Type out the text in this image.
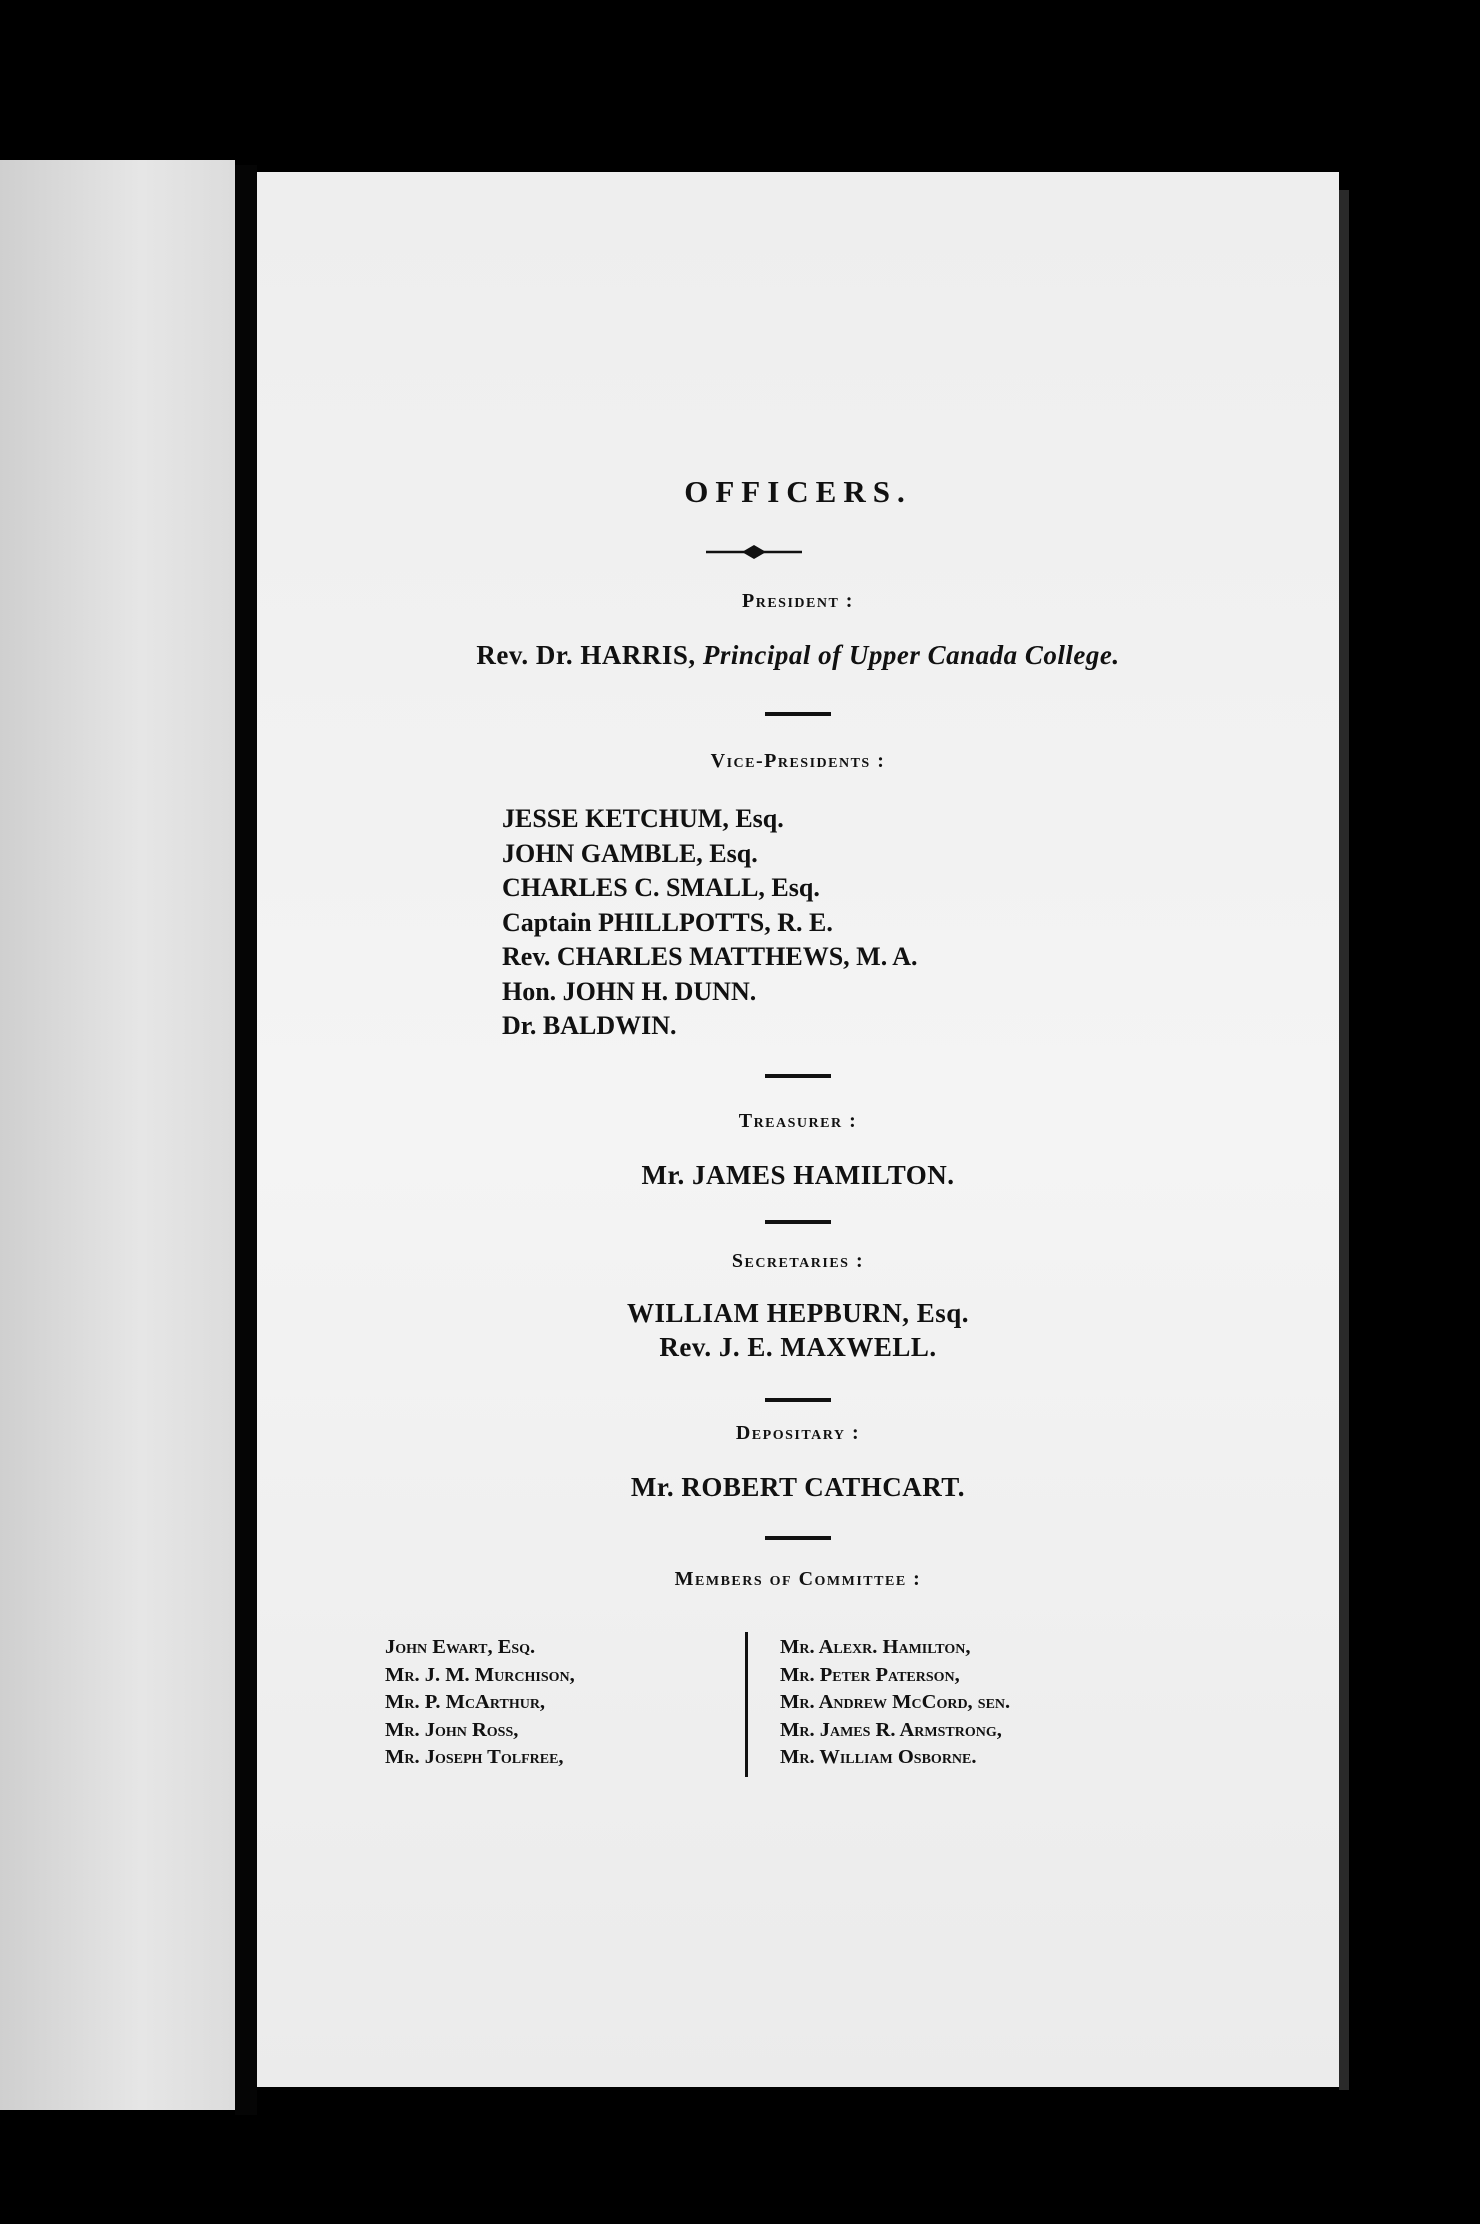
OFFICERS.
President :
Rev. Dr. HARRIS, Principal of Upper Canada College.
Vice-Presidents :
JESSE KETCHUM, Esq.
JOHN GAMBLE, Esq.
CHARLES C. SMALL, Esq.
Captain PHILLPOTTS, R. E.
Rev. CHARLES MATTHEWS, M. A.
Hon. JOHN H. DUNN.
Dr. BALDWIN.
Treasurer :
Mr. JAMES HAMILTON.
Secretaries :
WILLIAM HEPBURN, Esq.
Rev. J. E. MAXWELL.
Depositary :
Mr. ROBERT CATHCART.
Members of Committee :
John Ewart, Esq.
Mr. J. M. Murchison,
Mr. P. McArthur,
Mr. John Ross,
Mr. Joseph Tolfree,
Mr. Alexr. Hamilton,
Mr. Peter Paterson,
Mr. Andrew McCord, sen.
Mr. James R. Armstrong,
Mr. William Osborne.
